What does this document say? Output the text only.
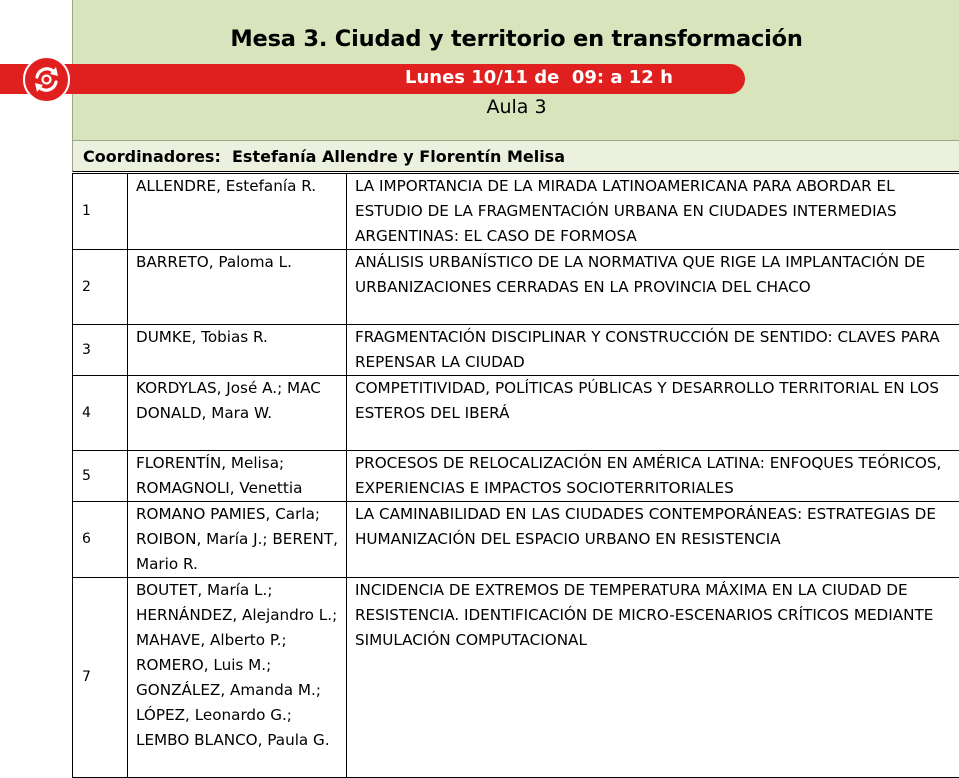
Mesa 3. Ciudad y territorio en transformación
Aula 3
Lunes 10/11 de  09: a 12 h
Coordinadores:  Estefanía Allendre y Florentín Melisa
1	ALLENDRE, Estefanía R.	LA IMPORTANCIA DE LA MIRADA LATINOAMERICANA PARA ABORDAR EL ESTUDIO DE LA FRAGMENTACIÓN URBANA EN CIUDADES INTERMEDIAS ARGENTINAS: EL CASO DE FORMOSA
2	BARRETO, Paloma L.	ANÁLISIS URBANÍSTICO DE LA NORMATIVA QUE RIGE LA IMPLANTACIÓN DE URBANIZACIONES CERRADAS EN LA PROVINCIA DEL CHACO
3	DUMKE, Tobias R.	FRAGMENTACIÓN DISCIPLINAR Y CONSTRUCCIÓN DE SENTIDO: CLAVES PARA REPENSAR LA CIUDAD
4	KORDYLAS, José A.; MAC DONALD, Mara W.	COMPETITIVIDAD, POLÍTICAS PÚBLICAS Y DESARROLLO TERRITORIAL EN LOS ESTEROS DEL IBERÁ
5	FLORENTÍN, Melisa; ROMAGNOLI, Venettia	PROCESOS DE RELOCALIZACIÓN EN AMÉRICA LATINA: ENFOQUES TEÓRICOS, EXPERIENCIAS E IMPACTOS SOCIOTERRITORIALES
6	ROMANO PAMIES, Carla; ROIBON, María J.; BERENT, Mario R.	LA CAMINABILIDAD EN LAS CIUDADES CONTEMPORÁNEAS: ESTRATEGIAS DE HUMANIZACIÓN DEL ESPACIO URBANO EN RESISTENCIA
7	BOUTET, María L.; HERNÁNDEZ, Alejandro L.; MAHAVE, Alberto P.; ROMERO, Luis M.; GONZÁLEZ, Amanda M.; LÓPEZ, Leonardo G.; LEMBO BLANCO, Paula G.	INCIDENCIA DE EXTREMOS DE TEMPERATURA MÁXIMA EN LA CIUDAD DE RESISTENCIA. IDENTIFICACIÓN DE MICRO-ESCENARIOS CRÍTICOS MEDIANTE SIMULACIÓN COMPUTACIONAL
